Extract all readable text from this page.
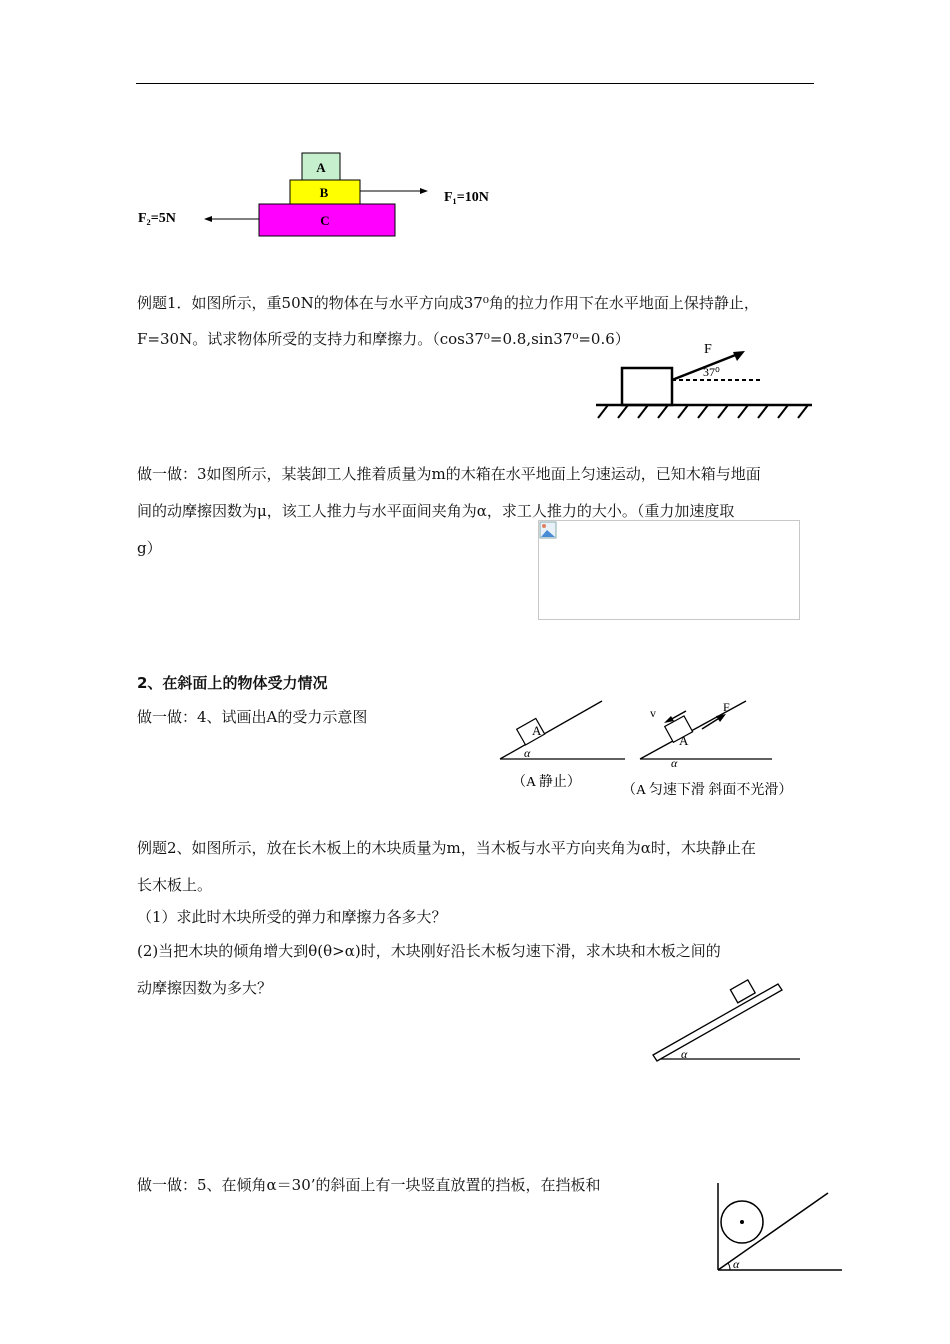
A
B
C
F₁=10N
F₂=5N
例题1．如图所示，重50N的物体在与水平方向成37⁰角的拉力作用下在水平地面上保持静止，
F=30N。试求物体所受的支持力和摩擦力。（cos37⁰=0.8,sin37⁰=0.6）
F
37⁰
做一做：3如图所示，某装卸工人推着质量为m的木箱在水平地面上匀速运动，已知木箱与地面
间的动摩擦因数为μ，该工人推力与水平面间夹角为α，求工人推力的大小。（重力加速度取
g）
2、在斜面上的物体受力情况
做一做：4、试画出A的受力示意图
A
α
（A 静止）
A
α
v	F
（A 匀速下滑 斜面不光滑）
例题2、如图所示，放在长木板上的木块质量为m，当木板与水平方向夹角为α时，木块静止在
长木板上。
（1）求此时木块所受的弹力和摩擦力各多大？
(2)当把木块的倾角增大到θ(θ>α)时，木块刚好沿长木板匀速下滑，求木块和木板之间的
动摩擦因数为多大？
α
做一做：5、在倾角α＝30’的斜面上有一块竖直放置的挡板，在挡板和
α
